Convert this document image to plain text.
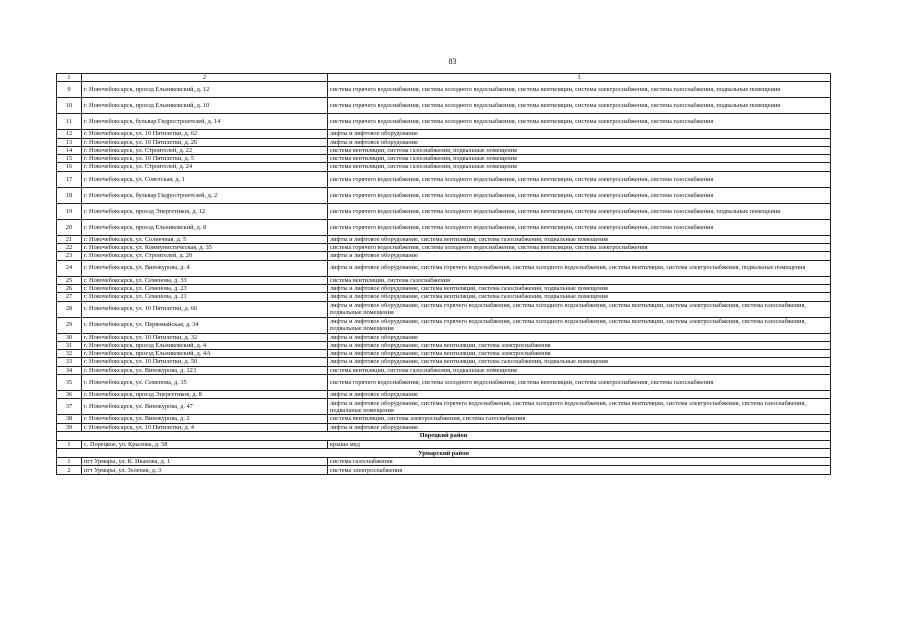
83
1	2	3
9	г. Новочебоксарск, проезд Ельниковский, д. 12	система горячего водоснабжения, система холодного водоснабжения, система вентиляции, система электроснабжения, система газоснабжения, подвальные помещения
10	г. Новочебоксарск, проезд Ельниковский, д. 10	система горячего водоснабжения, система холодного водоснабжения, система вентиляции, система электроснабжения, система газоснабжения, подвальные помещения
11	г. Новочебоксарск, бульвар Гидростроителей, д. 14	система горячего водоснабжения, система холодного водоснабжения, система вентиляции, система электроснабжения, система газоснабжения
12	г. Новочебоксарск, ул. 10 Пятилетки, д. 62	лифты и лифтовое оборудование
13	г. Новочебоксарск, ул. 10 Пятилетки, д. 26	лифты и лифтовое оборудование
14	г. Новочебоксарск, ул. Строителей, д. 22	система вентиляции, система газоснабжения, подвальные помещения
15	г. Новочебоксарск, ул. 10 Пятилетки, д. 5	система вентиляции, система газоснабжения, подвальные помещения
16	г. Новочебоксарск, ул. Строителей, д. 24	система вентиляции, система газоснабжения, подвальные помещения
17	г. Новочебоксарск, ул. Советская, д. 1	система горячего водоснабжения, система холодного водоснабжения, система вентиляции, система электроснабжения, система газоснабжения
18	г. Новочебоксарск, бульвар Гидростроителей, д. 2	система горячего водоснабжения, система холодного водоснабжения, система вентиляции, система электроснабжения, система газоснабжения
19	г. Новочебоксарск, проезд Энергетиков, д. 12	система горячего водоснабжения, система холодного водоснабжения, система вентиляции, система электроснабжения, система газоснабжения, подвальные помещения
20	г. Новочебоксарск, проезд Ельниковский, д. 8	система горячего водоснабжения, система холодного водоснабжения, система вентиляции, система электроснабжения, система газоснабжения
21	г. Новочебоксарск, ул. Солнечная, д. 5	лифты и лифтовое оборудование, система вентиляции, система газоснабжения, подвальные помещения
22	г. Новочебоксарск, ул. Коммунистическая, д. 35	система горячего водоснабжения, система холодного водоснабжения, система вентиляции, система электроснабжения
23	г. Новочебоксарск, ул. Строителей, д. 20	лифты и лифтовое оборудование
24	г. Новочебоксарск, ул. Винокурова, д. 4	лифты и лифтовое оборудование, система горячего водоснабжения, система холодного водоснабжения, система вентиляции, система электроснабжения, подвальные помещения
25	г. Новочебоксарск, ул. Семенова, д. 33	система вентиляции, система газоснабжения
26	г. Новочебоксарск, ул. Семенова, д. 23	лифты и лифтовое оборудование, система вентиляции, система газоснабжения, подвальные помещения
27	г. Новочебоксарск, ул. Семенова, д. 21	лифты и лифтовое оборудование, система вентиляции, система газоснабжения, подвальные помещения
28	г. Новочебоксарск, ул. 10 Пятилетки, д. 66	лифты и лифтовое оборудование, система горячего водоснабжения, система холодного водоснабжения, система вентиляции, система электроснабжения, система газоснабжения, подвальные помещения
29	г. Новочебоксарск, ул. Первомайская, д. 34	лифты и лифтовое оборудование, система горячего водоснабжения, система холодного водоснабжения, система вентиляции, система электроснабжения, система газоснабжения, подвальные помещения
30	г. Новочебоксарск, ул. 10 Пятилетки, д. 32	лифты и лифтовое оборудование
31	г. Новочебоксарск, проезд Ельниковский, д. 4	лифты и лифтовое оборудование, система вентиляции, система электроснабжения
32	г. Новочебоксарск, проезд Ельниковский, д. 4А	лифты и лифтовое оборудование, система вентиляции, система электроснабжения
33	г. Новочебоксарск, ул. 10 Пятилетки, д. 50	лифты и лифтовое оборудование, система вентиляции, система газоснабжения, подвальные помещения
34	г. Новочебоксарск, ул. Винокурова, д. 123	система вентиляции, система газоснабжения, подвальные помещения
35	г. Новочебоксарск, ул. Семенова, д. 35	система горячего водоснабжения, система холодного водоснабжения, система вентиляции, система электроснабжения, система газоснабжения
36	г. Новочебоксарск, проезд Энергетиков, д. 8	лифты и лифтовое оборудование
37	г. Новочебоксарск, ул. Винокурова, д. 47	лифты и лифтовое оборудование, система горячего водоснабжения, система холодного водоснабжения, система вентиляции, система электроснабжения, система газоснабжения, подвальные помещения
38	г. Новочебоксарск, ул. Винокурова, д. 2	система вентиляции, система электроснабжения, система газоснабжения
39	г. Новочебоксарск, ул. 10 Пятилетки, д. 4	лифты и лифтовое оборудование
Порецкий район		
1	с. Порецкое, ул. Крылова, д. 58	крыша мкд
Урмарский район		
1	пгт Урмары, ул. К. Иванова, д. 1	система газоснабжения
2	пгт Урмары, ул. Зеленая, д. 3	система электроснабжения
